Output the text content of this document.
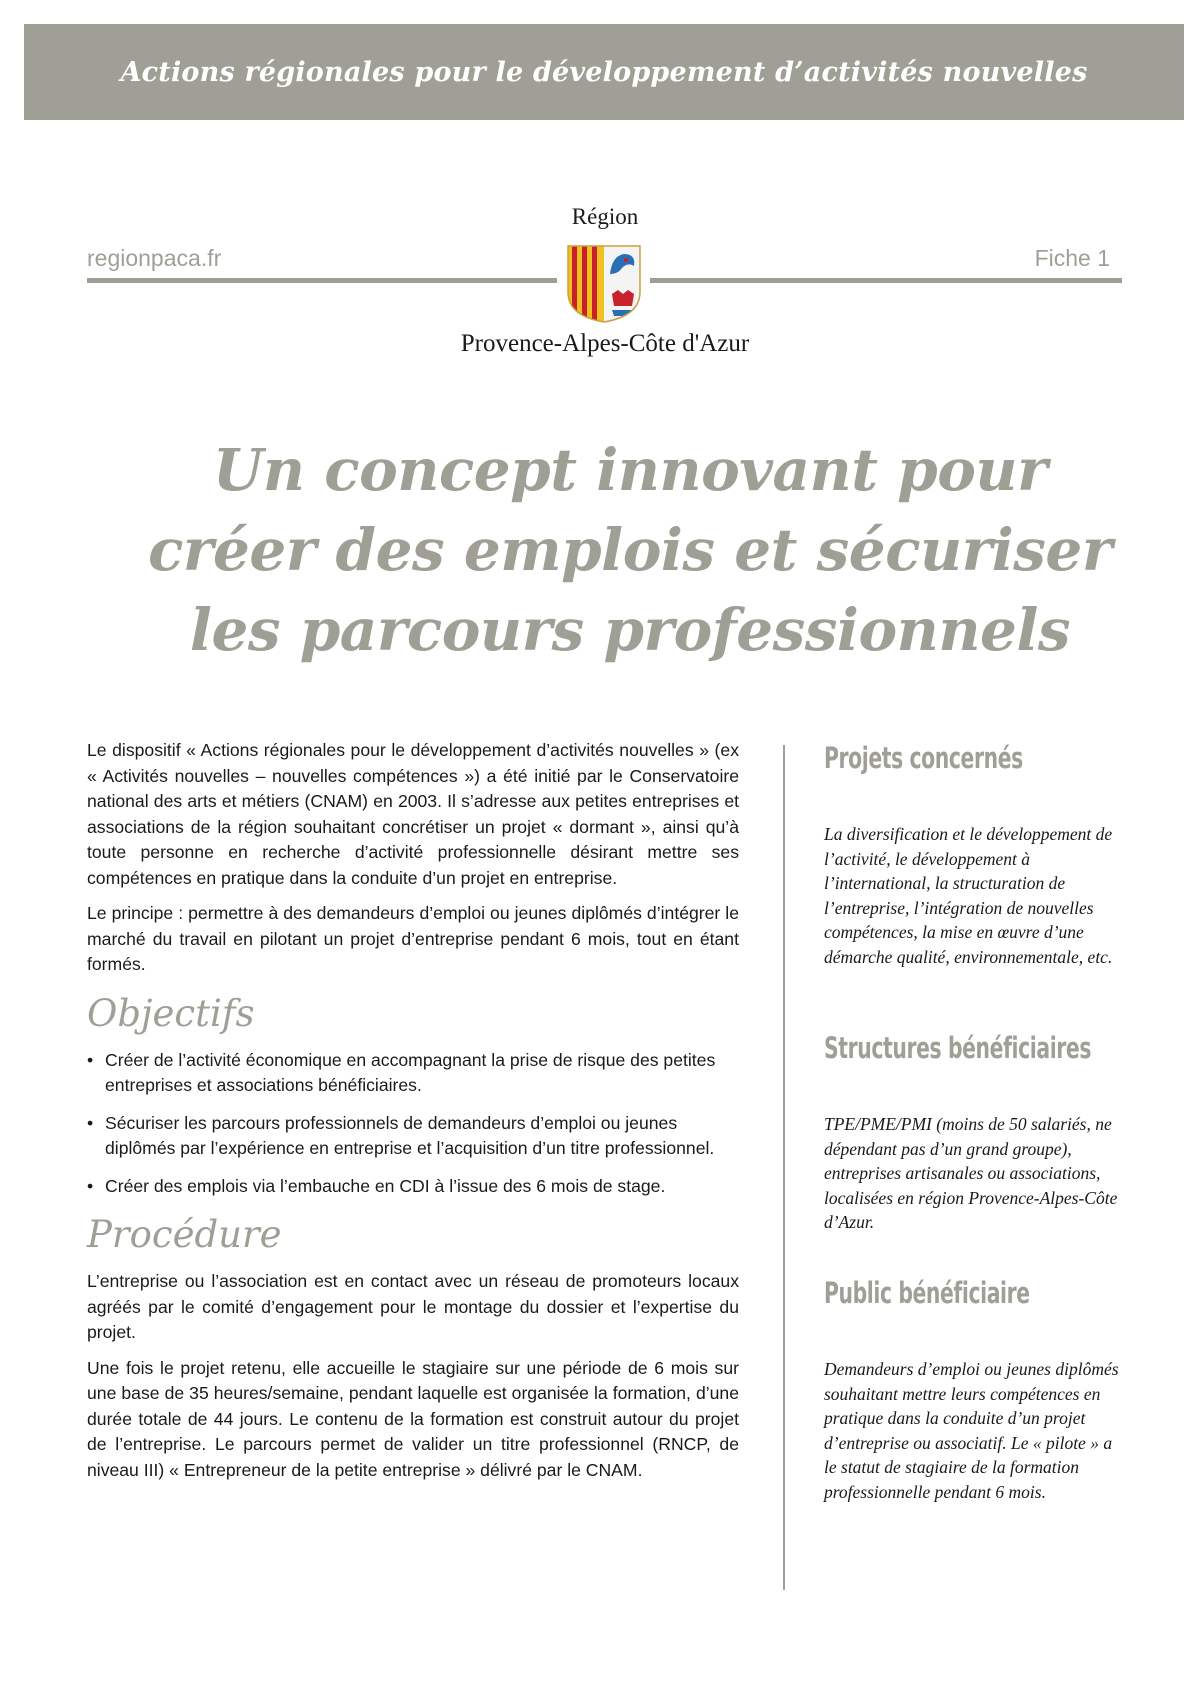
Actions régionales pour le développement d’activités nouvelles
Région
regionpaca.fr	Fiche 1
Provence-Alpes-Côte d'Azur
Un concept innovant pour
créer des emplois et sécuriser
les parcours professionnels

Le dispositif « Actions régionales pour le développement d’activités nouvelles » (ex « Activités nouvelles – nouvelles compétences ») a été initié par le Conservatoire national des arts et métiers (CNAM) en 2003. Il s’adresse aux petites entreprises et associations de la région souhaitant concrétiser un projet « dormant », ainsi qu’à toute personne en recherche d’activité professionnelle désirant mettre ses compétences en pratique dans la conduite d’un projet en entreprise.

Le principe : permettre à des demandeurs d’emploi ou jeunes diplômés d’intégrer le marché du travail en pilotant un projet d’entreprise pendant 6 mois, tout en étant formés.

Objectifs
• Créer de l’activité économique en accompagnant la prise de risque des petites entreprises et associations bénéficiaires.
• Sécuriser les parcours professionnels de demandeurs d’emploi ou jeunes diplômés par l’expérience en entreprise et l’acquisition d’un titre professionnel.
• Créer des emplois via l’embauche en CDI à l’issue des 6 mois de stage.
Procédure

L’entreprise ou l’association est en contact avec un réseau de promoteurs locaux agréés par le comité d’engagement pour le montage du dossier et l’expertise du projet.

Une fois le projet retenu, elle accueille le stagiaire sur une période de 6 mois sur une base de 35 heures/semaine, pendant laquelle est organisée la formation, d’une durée totale de 44 jours. Le contenu de la formation est construit autour du projet de l’entreprise. Le parcours permet de valider un titre professionnel (RNCP, de niveau III) « Entrepreneur de la petite entreprise » délivré par le CNAM.

Projets concernés

La diversification et le développement de l’activité, le développement à l’international, la structuration de l’entreprise, l’intégration de nouvelles compétences, la mise en œuvre d’une démarche qualité, environnementale, etc.

Structures bénéficiaires

TPE/PME/PMI (moins de 50 salariés, ne dépendant pas d’un grand groupe), entreprises artisanales ou associations, localisées en région Provence-Alpes-Côte d’Azur.

Public bénéficiaire

Demandeurs d’emploi ou jeunes diplômés souhaitant mettre leurs compétences en pratique dans la conduite d’un projet d’entreprise ou associatif. Le « pilote » a le statut de stagiaire de la formation professionnelle pendant 6 mois.
